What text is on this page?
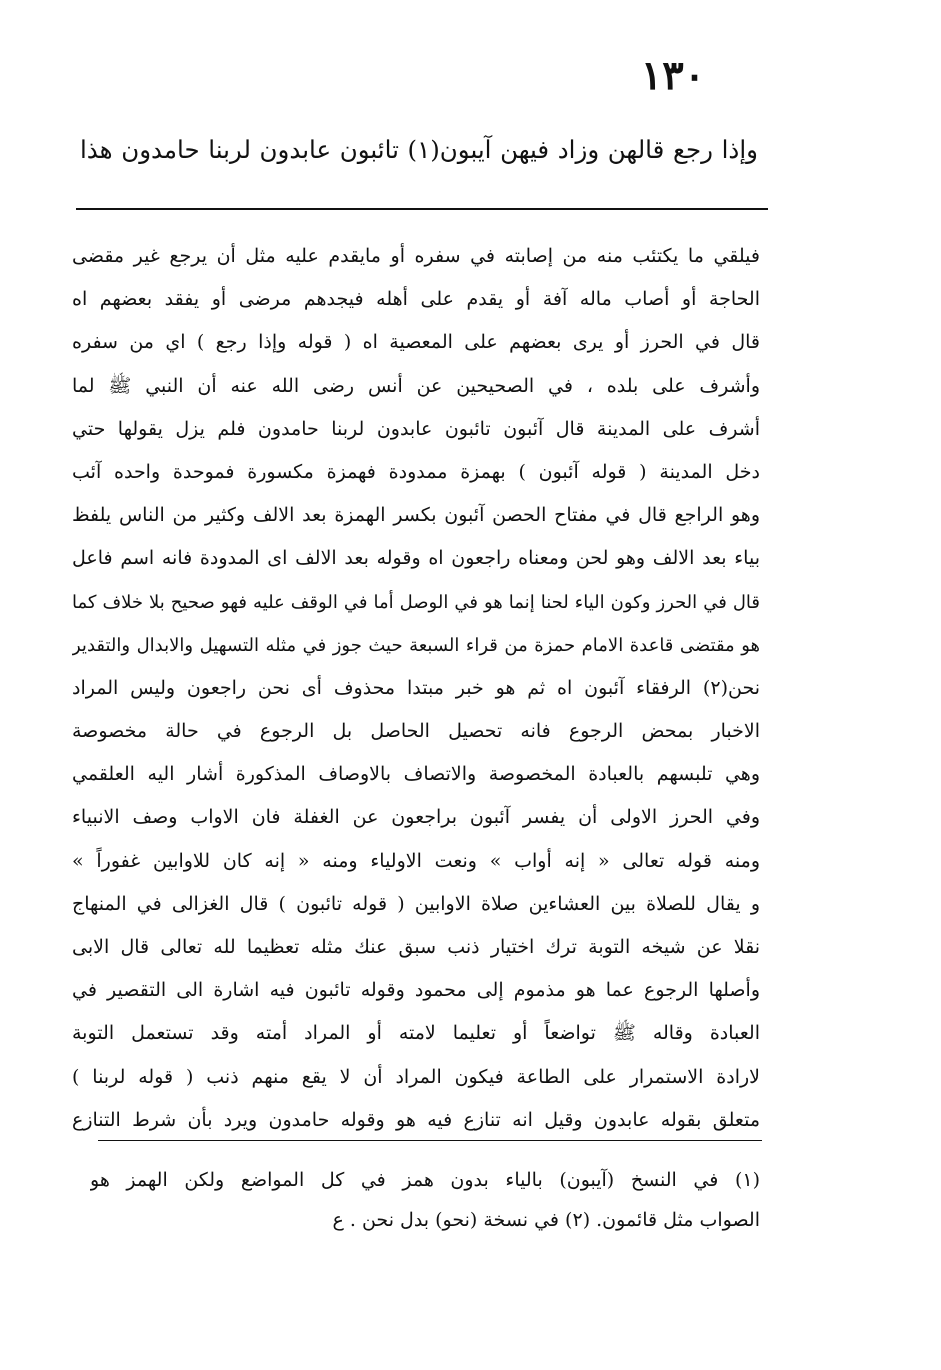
١٣٠
وإذا رجع قالهن وزاد فيهن آيبون(١) تائبون عابدون لربنا حامدون هذا
فيلقي ما يكتئب منه من إصابته في سفره أو مايقدم عليه مثل أن يرجع غير مقضى
الحاجة أو أصاب ماله آفة أو يقدم على أهله فيجدهم مرضى أو يفقد بعضهم اه
قال في الحرز أو يرى بعضهم على المعصية اه ( قوله وإذا رجع ) اي من سفره
وأشرف على بلده ، في الصحيحين عن أنس رضى الله عنه أن النبي ﷺ لما
أشرف على المدينة قال آئبون تائبون عابدون لربنا حامدون فلم يزل يقولها حتي
دخل المدينة ( قوله آئبون ) بهمزة ممدودة فهمزة مكسورة فموحدة واحده آئب
وهو الراجع قال في مفتاح الحصن آئبون بكسر الهمزة بعد الالف وكثير من الناس يلفظ
بياء بعد الالف وهو لحن ومعناه راجعون اه وقوله بعد الالف اى المدودة فانه اسم فاعل
قال في الحرز وكون الياء لحنا إنما هو في الوصل أما في الوقف عليه فهو صحيح بلا خلاف كما
هو مقتضى قاعدة الامام حمزة من قراء السبعة حيث جوز في مثله التسهيل والابدال والتقدير
نحن(٢) الرفقاء آئبون اه ثم هو خبر مبتدا محذوف أى نحن راجعون وليس المراد
الاخبار بمحض الرجوع فانه تحصيل الحاصل بل الرجوع في حالة مخصوصة
وهي تلبسهم بالعبادة المخصوصة والاتصاف بالاوصاف المذكورة أشار اليه العلقمي
وفي الحرز الاولى أن يفسر آئبون براجعون عن الغفلة فان الاواب وصف الانبياء
ومنه قوله تعالى « إنه أواب » ونعت الاولياء ومنه « إنه كان للاوابين غفوراً »
و يقال للصلاة بين العشاءين صلاة الاوابين ( قوله تائبون ) قال الغزالى في المنهاج
نقلا عن شيخه التوبة ترك اختيار ذنب سبق عنك مثله تعظيما لله تعالى قال الابى
وأصلها الرجوع عما هو مذموم إلى محمود وقوله تائبون فيه اشارة الى التقصير في
العبادة وقاله ﷺ تواضعاً أو تعليما لامته أو المراد أمته وقد تستعمل التوبة
لارادة الاستمرار على الطاعة فيكون المراد أن لا يقع منهم ذنب ( قوله لربنا )
متعلق بقوله عابدون وقيل انه تنازع فيه هو وقوله حامدون ويرد بأن شرط التنازع
(١) في النسخ (آيبون) بالياء بدون همز في كل المواضع ولكن الهمز هو
الصواب مثل قائمون. (٢) في نسخة (نحو) بدل نحن . ع
